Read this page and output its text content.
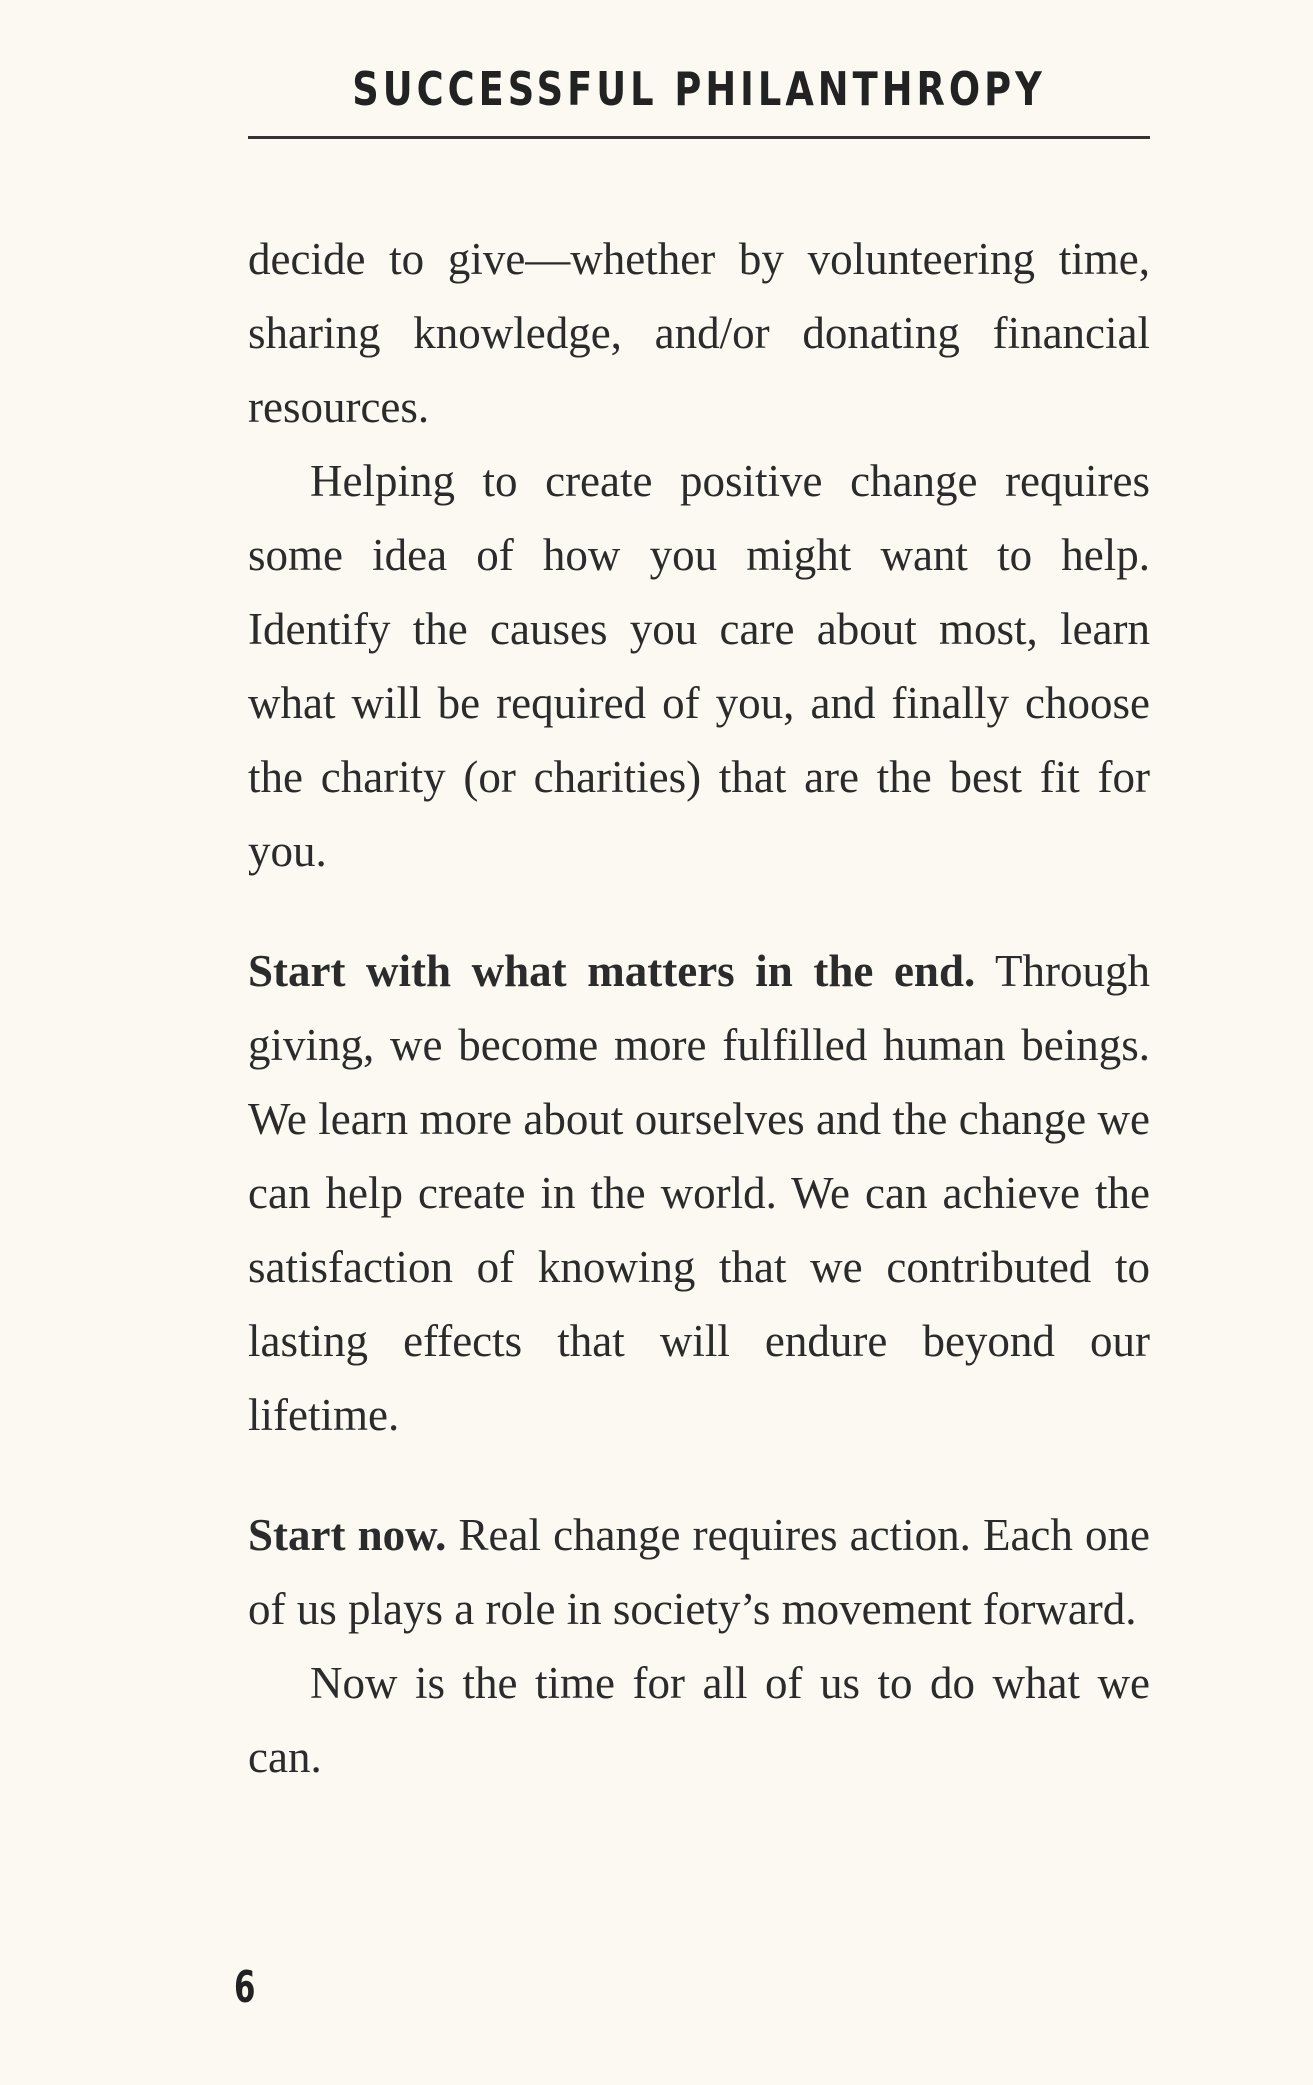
SUCCESSFUL PHILANTHROPY

decide to give—whether by volunteering time, sharing knowledge, and/or donating financial resources.

Helping to create positive change requires some idea of how you might want to help. Identify the causes you care about most, learn what will be required of you, and finally choose the charity (or charities) that are the best fit for you.

Start with what matters in the end. Through giving, we become more fulfilled human beings. We learn more about ourselves and the change we can help create in the world. We can achieve the satisfaction of knowing that we contributed to lasting effects that will endure beyond our lifetime.

Start now. Real change requires action. Each one of us plays a role in society’s movement forward.

Now is the time for all of us to do what we can.

6
